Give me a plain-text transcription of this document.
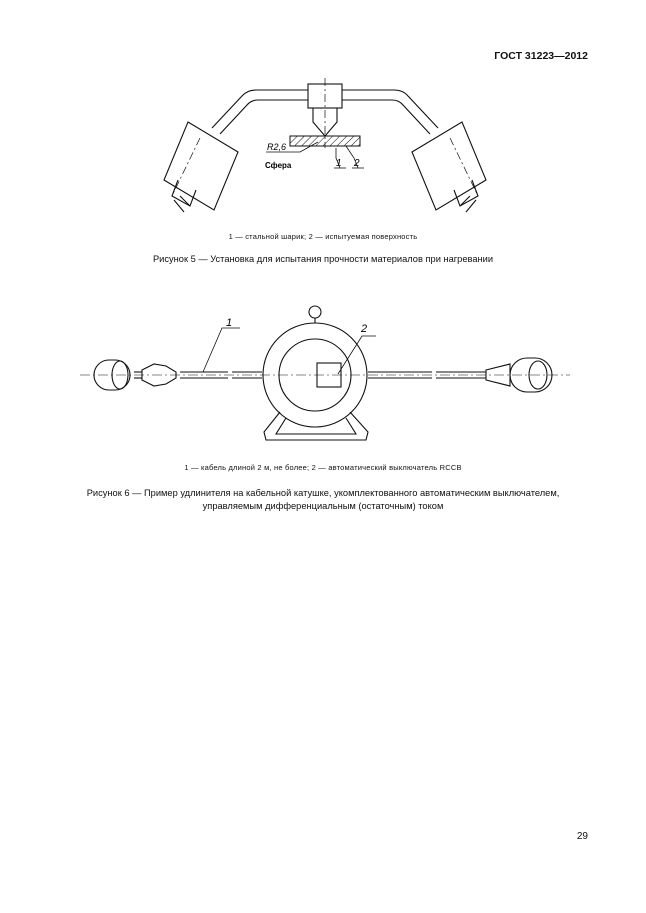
ГОСТ 31223—2012
R2,6
Сфера	1 2
1 — стальной шарик; 2 — испытуемая поверхность
Рисунок 5 — Установка для испытания прочности материалов при нагревании
1	2
1 — кабель длиной 2 м, не более; 2 — автоматический выключатель RCCB
Рисунок 6 — Пример удлинителя на кабельной катушке, укомплектованного автоматическим выключателем,
управляемым дифференциальным (остаточным) током
29
